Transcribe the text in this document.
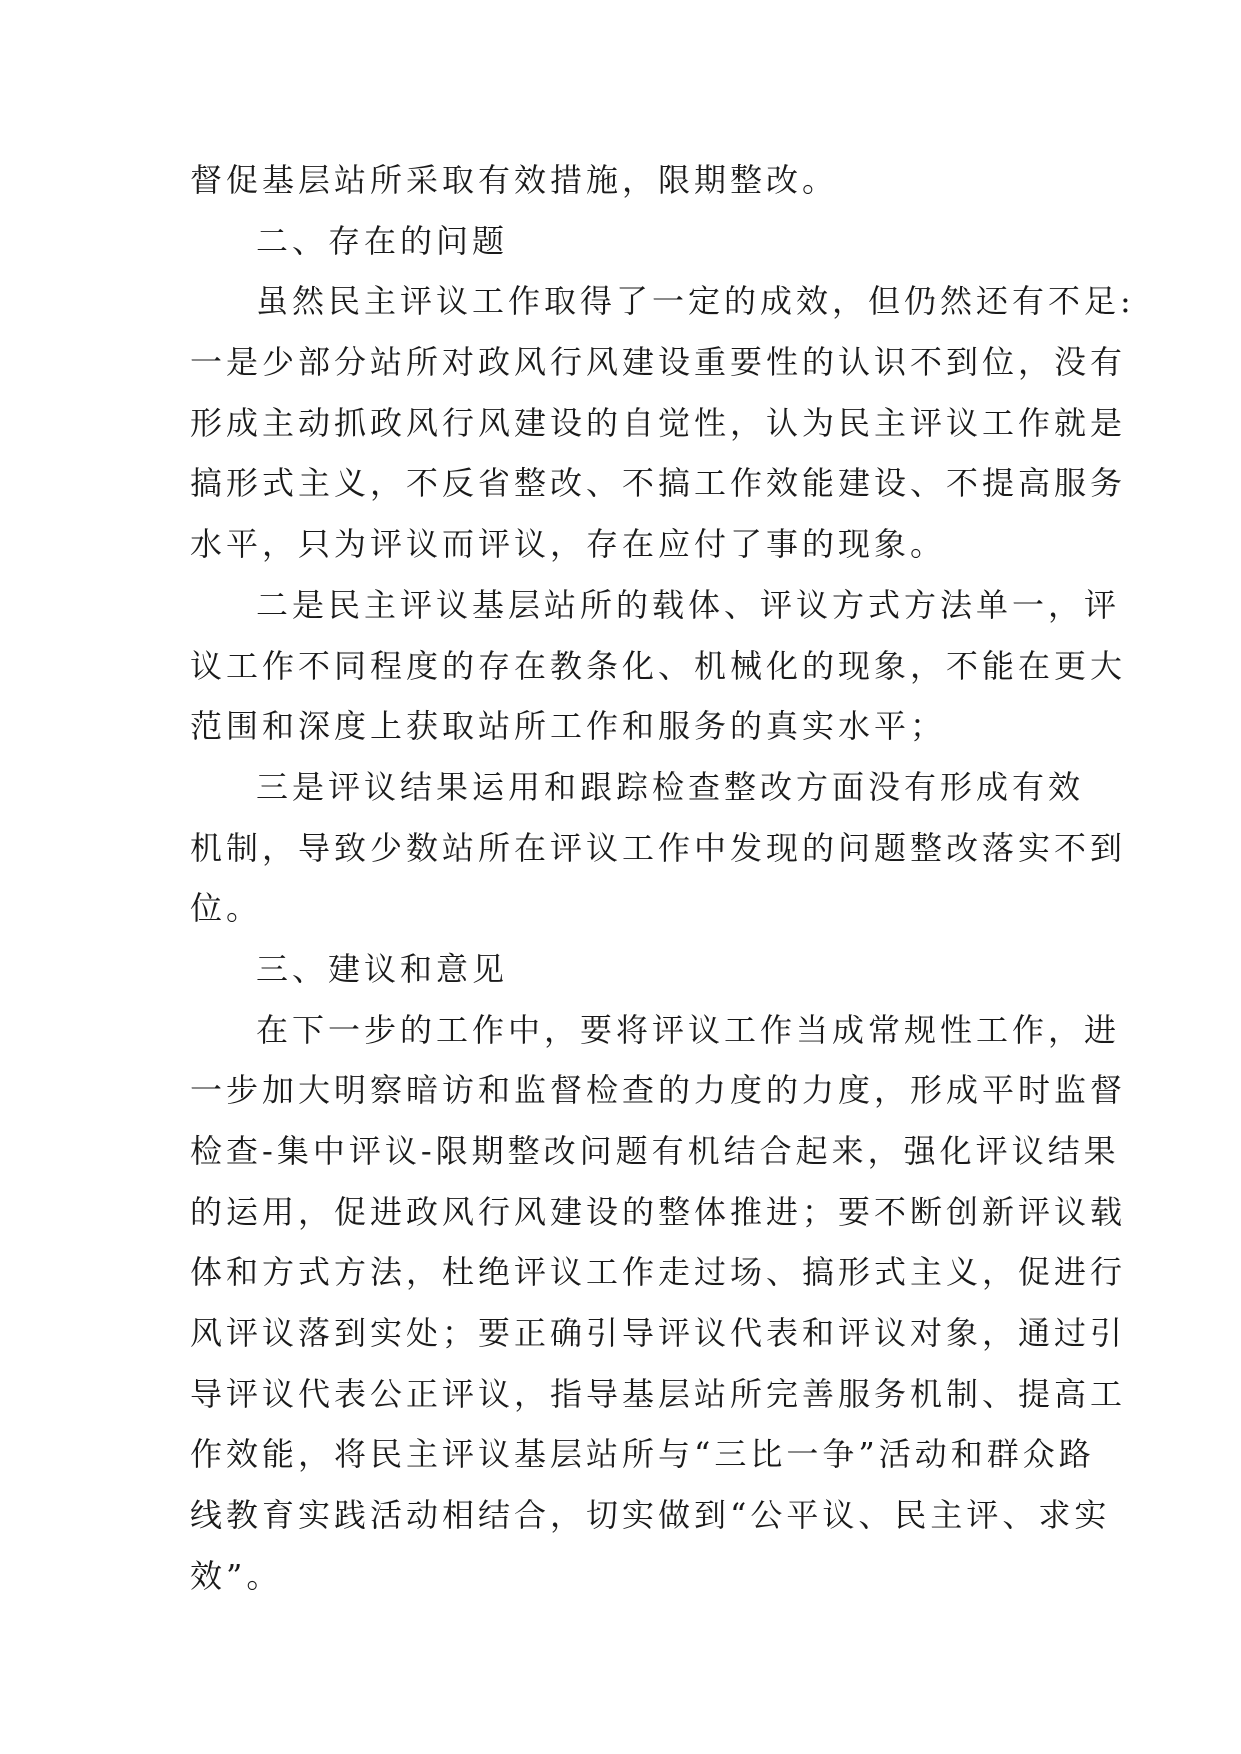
督促基层站所采取有效措施，限期整改。
二、存在的问题
虽然民主评议工作取得了一定的成效，但仍然还有不足:
一是少部分站所对政风行风建设重要性的认识不到位，没有
形成主动抓政风行风建设的自觉性，认为民主评议工作就是
搞形式主义，不反省整改、不搞工作效能建设、不提高服务
水平，只为评议而评议，存在应付了事的现象。
二是民主评议基层站所的载体、评议方式方法单一，评
议工作不同程度的存在教条化、机械化的现象，不能在更大
范围和深度上获取站所工作和服务的真实水平；
三是评议结果运用和跟踪检查整改方面没有形成有效
机制，导致少数站所在评议工作中发现的问题整改落实不到
位。
三、建议和意见
在下一步的工作中，要将评议工作当成常规性工作，进
一步加大明察暗访和监督检查的力度的力度，形成平时监督
检查-集中评议-限期整改问题有机结合起来，强化评议结果
的运用，促进政风行风建设的整体推进；要不断创新评议载
体和方式方法，杜绝评议工作走过场、搞形式主义，促进行
风评议落到实处；要正确引导评议代表和评议对象，通过引
导评议代表公正评议，指导基层站所完善服务机制、提高工
作效能，将民主评议基层站所与“三比一争”活动和群众路
线教育实践活动相结合，切实做到“公平议、民主评、求实
效”。
